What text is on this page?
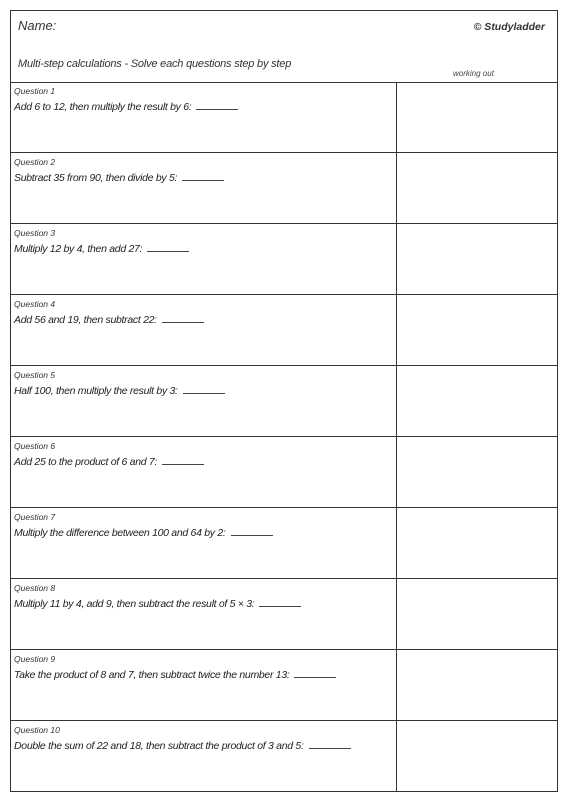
Name:	© Studyladder
Multi-step calculations - Solve each questions step by step
working out
Question 1
Add 6 to 12, then multiply the result by 6:
Question 2
Subtract 35 from 90, then divide by 5:
Question 3
Multiply 12 by 4, then add 27:
Question 4
Add 56 and 19, then subtract 22:
Question 5
Half 100, then multiply the result by 3:
Question 6
Add 25 to the product of 6 and 7:
Question 7
Multiply the difference between 100 and 64 by 2:
Question 8
Multiply 11 by 4, add 9, then subtract the result of 5 × 3:
Question 9
Take the product of 8 and 7, then subtract twice the number 13:
Question 10
Double the sum of 22 and 18, then subtract the product of 3 and 5:
